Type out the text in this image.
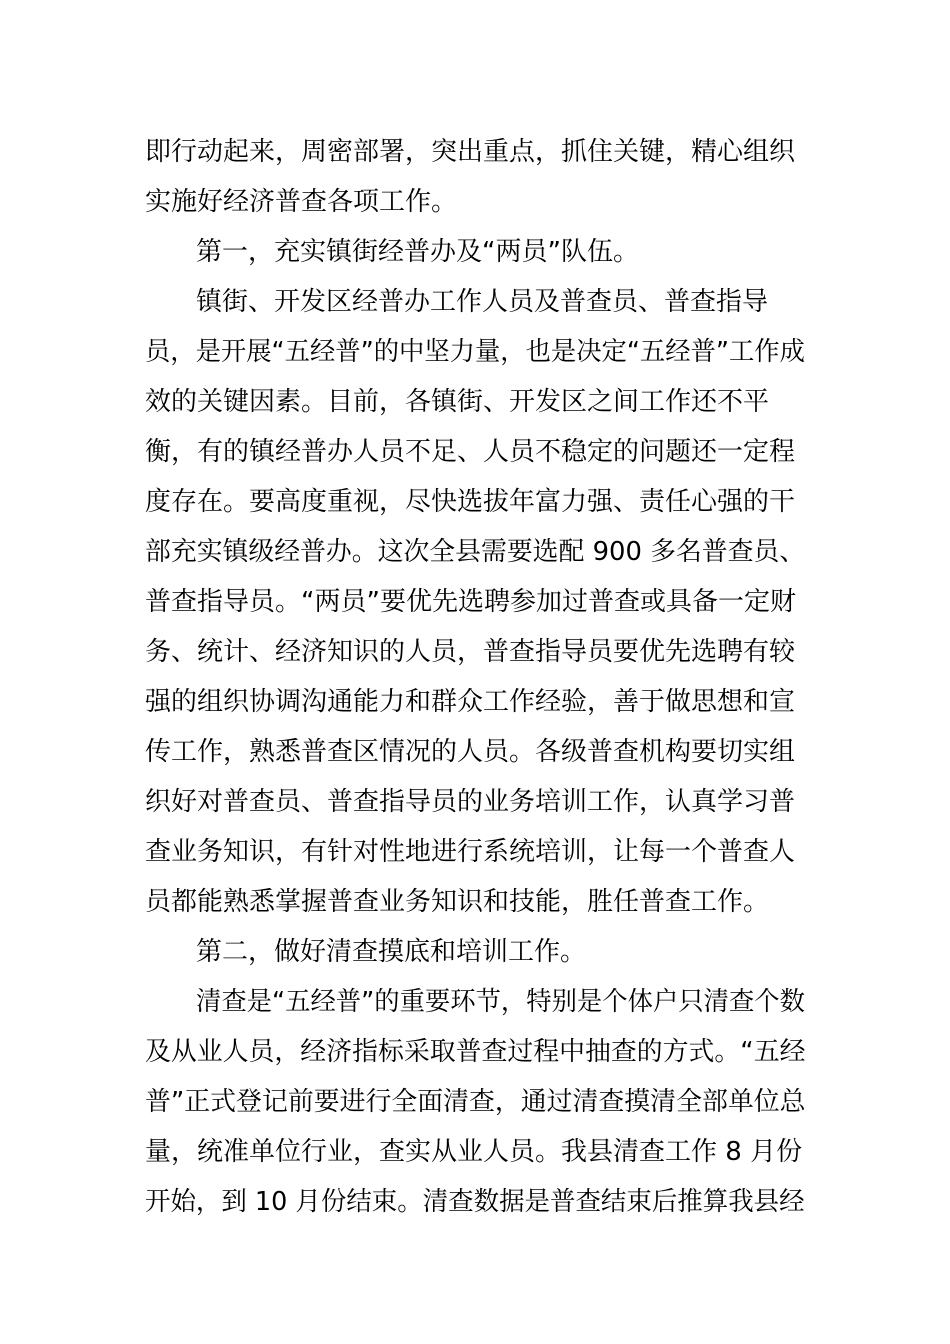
即行动起来，周密部署，突出重点，抓住关键，精心组织
实施好经济普查各项工作。
第一，充实镇街经普办及“两员”队伍。
镇街、开发区经普办工作人员及普查员、普查指导
员，是开展“五经普”的中坚力量，也是决定“五经普”工作成
效的关键因素。目前，各镇街、开发区之间工作还不平
衡，有的镇经普办人员不足、人员不稳定的问题还一定程
度存在。要高度重视，尽快选拔年富力强、责任心强的干
部充实镇级经普办。这次全县需要选配 900 多名普查员、
普查指导员。“两员”要优先选聘参加过普查或具备一定财
务、统计、经济知识的人员，普查指导员要优先选聘有较
强的组织协调沟通能力和群众工作经验，善于做思想和宣
传工作，熟悉普查区情况的人员。各级普查机构要切实组
织好对普查员、普查指导员的业务培训工作，认真学习普
查业务知识，有针对性地进行系统培训，让每一个普查人
员都能熟悉掌握普查业务知识和技能，胜任普查工作。
第二，做好清查摸底和培训工作。
清查是“五经普”的重要环节，特别是个体户只清查个数
及从业人员，经济指标采取普查过程中抽查的方式。“五经
普”正式登记前要进行全面清查，通过清查摸清全部单位总
量，统准单位行业，查实从业人员。我县清查工作 8 月份
开始，到 10 月份结束。清查数据是普查结束后推算我县经
